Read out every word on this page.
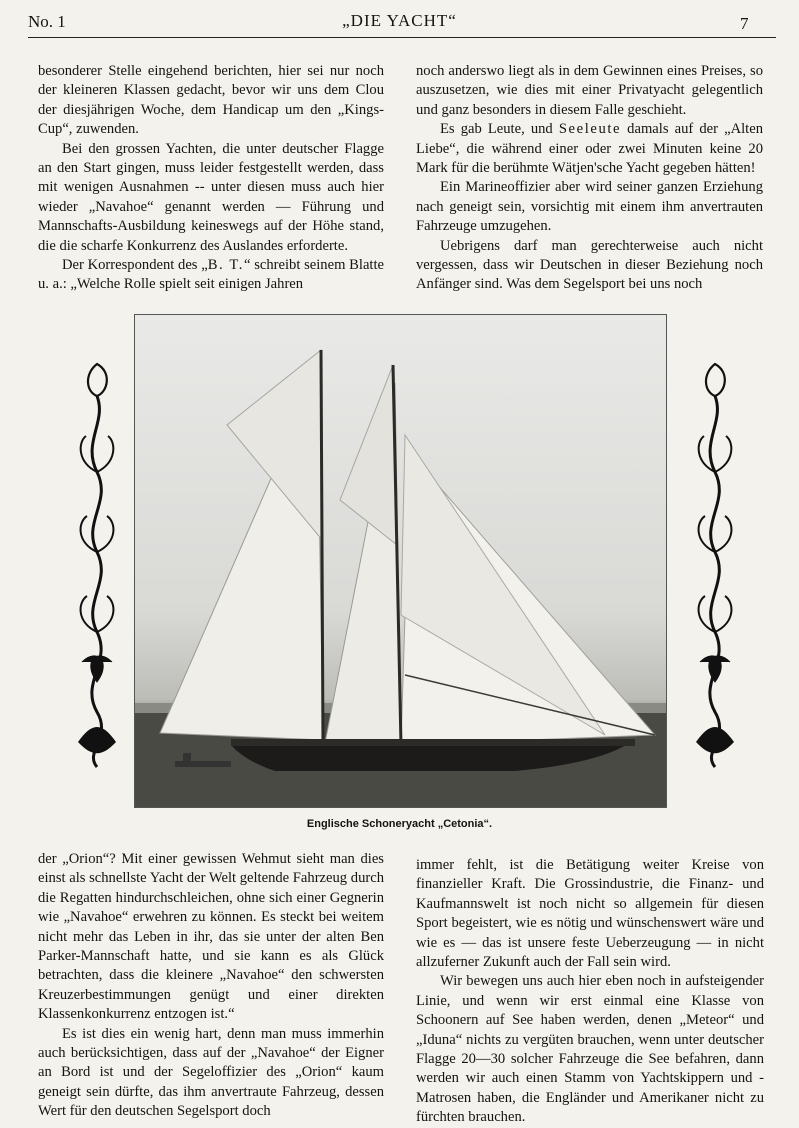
No. 1	„DIE YACHT“	7

besonderer Stelle eingehend berichten, hier sei nur noch der kleineren Klassen gedacht, bevor wir uns dem Clou der diesjährigen Woche, dem Handicap um den „Kings-Cup“, zuwenden.

Bei den grossen Yachten, die unter deutscher Flagge an den Start gingen, muss leider festgestellt werden, dass mit wenigen Ausnahmen -- unter diesen muss auch hier wieder „Navahoe“ genannt werden — Führung und Mannschafts-Ausbildung keineswegs auf der Höhe stand, die die scharfe Konkurrenz des Auslandes erforderte.

Der Korrespondent des „B. T.“ schreibt seinem Blatte u. a.: „Welche Rolle spielt seit einigen Jahren

noch anderswo liegt als in dem Gewinnen eines Preises, so auszusetzen, wie dies mit einer Privatyacht gelegentlich und ganz besonders in diesem Falle geschieht.

Es gab Leute, und Seeleute damals auf der „Alten Liebe“, die während einer oder zwei Minuten keine 20 Mark für die berühmte Wätjen'sche Yacht gegeben hätten!

Ein Marineoffizier aber wird seiner ganzen Erziehung nach geneigt sein, vorsichtig mit einem ihm anvertrauten Fahrzeuge umzugehen.

Uebrigens darf man gerechterweise auch nicht vergessen, dass wir Deutschen in dieser Beziehung noch Anfänger sind. Was dem Segelsport bei uns noch

Englische Schoneryacht „Cetonia“.

der „Orion“? Mit einer gewissen Wehmut sieht man dies einst als schnellste Yacht der Welt geltende Fahrzeug durch die Regatten hindurchschleichen, ohne sich einer Gegnerin wie „Navahoe“ erwehren zu können. Es steckt bei weitem nicht mehr das Leben in ihr, das sie unter der alten Ben Parker-Mannschaft hatte, und sie kann es als Glück betrachten, dass die kleinere „Navahoe“ den schwersten Kreuzerbestimmungen genügt und einer direkten Klassenkonkurrenz entzogen ist.“

Es ist dies ein wenig hart, denn man muss immerhin auch berücksichtigen, dass auf der „Navahoe“ der Eigner an Bord ist und der Segeloffizier des „Orion“ kaum geneigt sein dürfte, das ihm anvertraute Fahrzeug, dessen Wert für den deutschen Segelsport doch

immer fehlt, ist die Betätigung weiter Kreise von finanzieller Kraft. Die Grossindustrie, die Finanz- und Kaufmannswelt ist noch nicht so allgemein für diesen Sport begeistert, wie es nötig und wünschenswert wäre und wie es — das ist unsere feste Ueberzeugung — in nicht allzuferner Zukunft auch der Fall sein wird.

Wir bewegen uns auch hier eben noch in aufsteigender Linie, und wenn wir erst einmal eine Klasse von Schoonern auf See haben werden, denen „Meteor“ und „Iduna“ nichts zu vergüten brauchen, wenn unter deutscher Flagge 20—30 solcher Fahrzeuge die See befahren, dann werden wir auch einen Stamm von Yachtskippern und -Matrosen haben, die Engländer und Amerikaner nicht zu fürchten brauchen.
